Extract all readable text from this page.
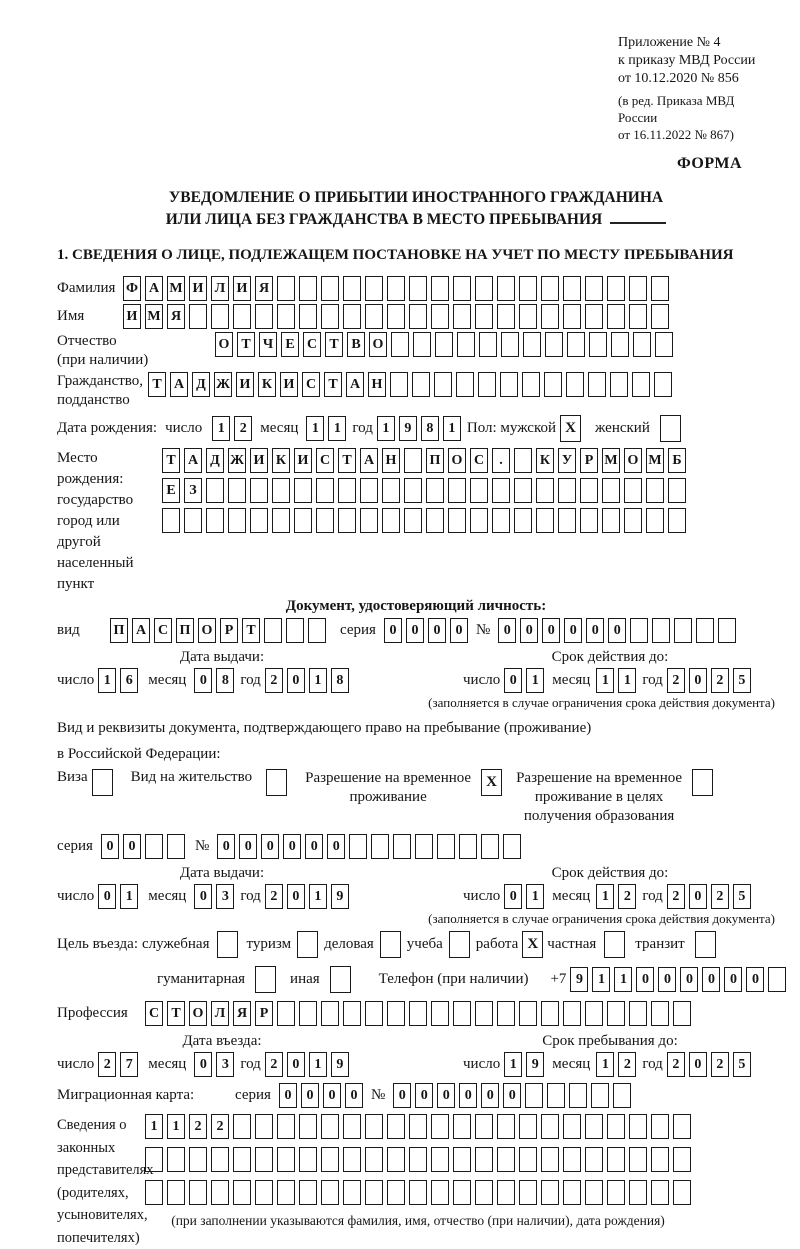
Приложение № 4
к приказу МВД России
от 10.12.2020 № 856
(в ред. Приказа МВД России
от 16.11.2022 № 867)
ФОРМА
УВЕДОМЛЕНИЕ О ПРИБЫТИИ ИНОСТРАННОГО ГРАЖДАНИНА
ИЛИ ЛИЦА БЕЗ ГРАЖДАНСТВА В МЕСТО ПРЕБЫВАНИЯ
1. СВЕДЕНИЯ О ЛИЦЕ, ПОДЛЕЖАЩЕМ ПОСТАНОВКЕ НА УЧЕТ ПО МЕСТУ ПРЕБЫВАНИЯ
Фамилия Ф А М И Л И Я
Имя	И М Я
Отчество
(при наличии)
О Т Ч Е С Т В О
Гражданство,
подданство
Т А Д Ж И К И С Т А Н
Дата рождения: число	1	2 месяц 1	1 год 1	9	8	1 Пол: мужской X	женский
Место рождения:
государство
город или другой
населенный пункт
Т А Д Ж И К И С Т А Н П О С	.	К У Р М О М Б
Е З
Документ, удостоверяющий личность:
вид	П А С П О Р Т	серия 0	0	0	0 № 0	0	0	0	0	0
Дата выдачи:	Срок действия до:
число 1	6	месяц 0	8 год 2	0	1	8	число 0	1 месяц 1	1 год 2	0	2	5
(заполняется в случае ограничения срока действия документа)
Вид и реквизиты документа, подтверждающего право на пребывание (проживание)
в Российской Федерации:
Виза	Вид на жительство	Разрешение на временное
проживание
X	Разрешение на временное
проживание в целях
получения образования
серия 0	0	№ 0	0	0	0	0	0
Дата выдачи:	Срок действия до:
число 0	1	месяц 0	3 год 2	0	1	9	число 0	1 месяц 1	2 год 2	0	2	5
(заполняется в случае ограничения срока действия документа)
Цель въезда: служебная туризм деловая учеба работа X частная	транзит
гуманитарная	иная	Телефон (при наличии) +7 9	1	1	0	0	0	0	0	0
Профессия	С Т О Л Я Р
Дата въезда:	Срок пребывания до:
число 2	7	месяц 0	3 год 2	0	1	9	число 1	9 месяц 1	2 год 2	0	2	5
Миграционная карта:	серия 0	0	0	0 № 0	0	0	0	0	0
Сведения о
законных
представителях
(родителях,
усыновителях,
попечителях)
1	1	2	2
(при заполнении указываются фамилия, имя, отчество (при наличии), дата рождения)
